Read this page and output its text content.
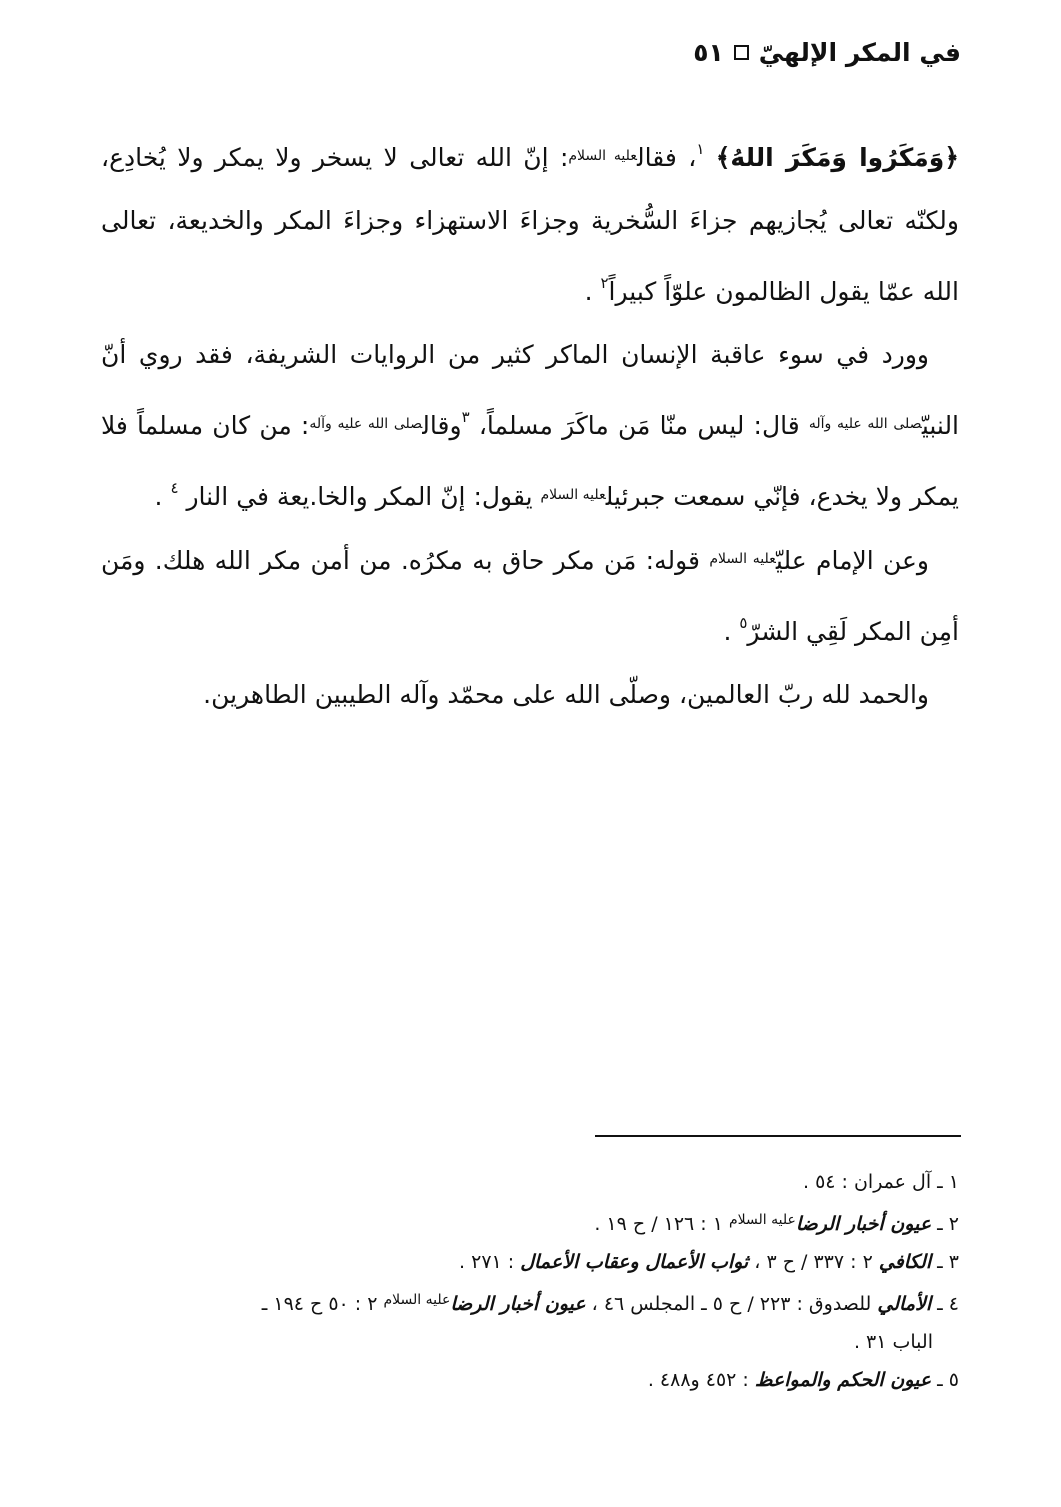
في المكر الإلهيّ
٥١

﴿وَمَكَرُوا وَمَكَرَ اللهُ﴾ $^١$، فقال$^{عليه السلام}$: إنّ الله تعالى لا يسخر ولا يمكر ولا يُخادِع، ولكنّه تعالى يُجازيهم جزاءَ السُّخرية وجزاءَ الاستهزاء وجزاءَ المكر والخديعة، تعالى الله عمّا يقول الظالمون علوّاً كبيراً$^٢$ .

وورد في سوء عاقبة الإنسان الماكر كثير من الروايات الشريفة، فقد روي أنّ النبيّ$^{صلى الله عليه وآله}$ قال: ليس منّا مَن ماكَرَ مسلماً، $^٣$وقال$^{صلى الله عليه وآله}$: من كان مسلماً فلا يمكر ولا يخدع، فإنّي سمعت جبرئيل$^{عليه السلام}$ يقول: إنّ المكر والخا.يعة في النار $^٤$ .

وعن الإمام عليّ$^{عليه السلام}$ قوله: مَن مكر حاق به مكرُه. من أمن مكر الله هلك. ومَن أمِن المكر لَقِي الشرّ$^٥$ .

والحمد لله ربّ العالمين، وصلّى الله على محمّد وآله الطيبين الطاهرين.

١ ـ آل عمران : ٥٤ .

٢ ـ عيون أخبار الرضا$^{عليه السلام}$ ١ : ١٢٦ / ح ١٩ .

٣ ـ الكافي ٢ : ٣٣٧ / ح ٣ ، ثواب الأعمال وعقاب الأعمال : ٢٧١ .

٤ ـ الأمالي للصدوق : ٢٢٣ / ح ٥ ـ المجلس ٤٦ ، عيون أخبار الرضا$^{عليه السلام}$ ٢ : ٥٠ ح ١٩٤ ـ

الباب ٣١ .

٥ ـ عيون الحكم والمواعظ : ٤٥٢ و٤٨٨ .
